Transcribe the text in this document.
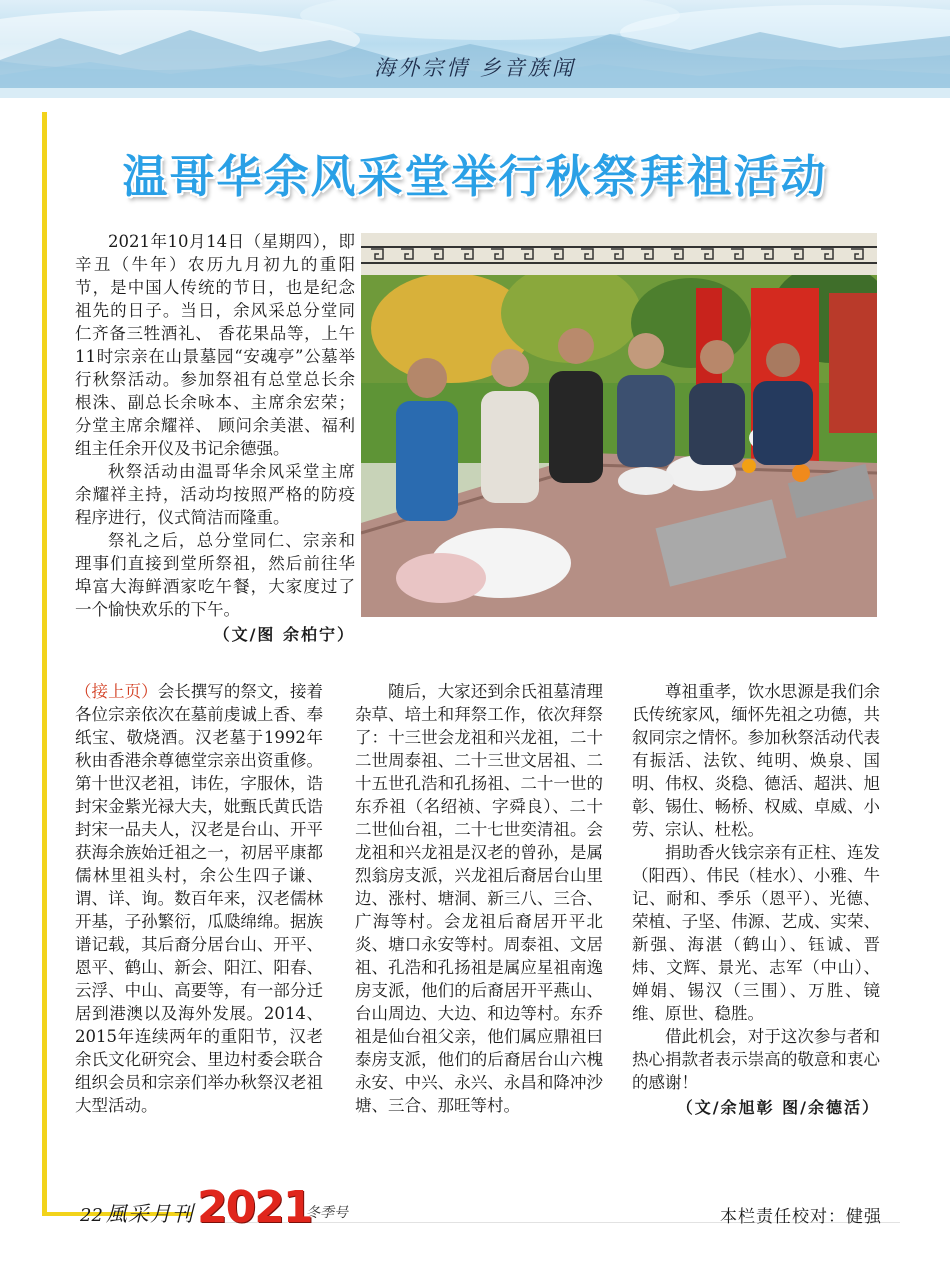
海外宗情 乡音族闻
温哥华余风采堂举行秋祭拜祖活动

2021年10月14日（星期四），即辛丑（牛年）农历九月初九的重阳节，是中国人传统的节日，也是纪念祖先的日子。当日，余风采总分堂同仁齐备三牲酒礼、 香花果品等，上午11时宗亲在山景墓园“安魂亭”公墓举行秋祭活动。参加祭祖有总堂总长余根洙、副总长余咏本、主席余宏荣；分堂主席余耀祥、 顾问余美湛、福利组主任余开仪及书记余德强。

秋祭活动由温哥华余风采堂主席余耀祥主持，活动均按照严格的防疫程序进行，仪式简洁而隆重。

祭礼之后，总分堂同仁、宗亲和理事们直接到堂所祭祖，然后前往华埠富大海鲜酒家吃午餐，大家度过了一个愉快欢乐的下午。

（文/图 余柏宁）
（接上页）会长撰写的祭文，接着各位宗亲依次在墓前虔诚上香、奉纸宝、敬烧酒。汉老墓于1992年秋由香港余尊德堂宗亲出资重修。第十世汉老祖，讳佐，字服休，诰封宋金紫光禄大夫，妣甄氏黄氏诰封宋一品夫人，汉老是台山、开平获海余族始迁祖之一，初居平康都儒林里祖头村，余公生四子谦、谓、详、询。数百年来，汉老儒林开基，子孙繁衍，瓜瓞绵绵。据族谱记载，其后裔分居台山、开平、恩平、鹤山、新会、阳江、阳春、云浮、中山、高要等，有一部分迁居到港澳以及海外发展。2014、2015年连续两年的重阳节，汉老余氏文化研究会、里边村委会联合组织会员和宗亲们举办秋祭汉老祖大型活动。

随后，大家还到余氏祖墓清理杂草、培土和拜祭工作，依次拜祭了：十三世会龙祖和兴龙祖，二十二世周泰祖、二十三世文居祖、二十五世孔浩和孔扬祖、二十一世的东乔祖（名绍祯、字舜良）、二十二世仙台祖，二十七世奕清祖。会龙祖和兴龙祖是汉老的曾孙，是属烈翁房支派，兴龙祖后裔居台山里边、涨村、塘洞、新三八、三合、广海等村。会龙祖后裔居开平北炎、塘口永安等村。周泰祖、文居祖、孔浩和孔扬祖是属应星祖南逸房支派，他们的后裔居开平燕山、台山周边、大边、和边等村。东乔祖是仙台祖父亲，他们属应鼎祖曰泰房支派，他们的后裔居台山六槐永安、中兴、永兴、永昌和降冲沙塘、三合、那旺等村。

尊祖重孝，饮水思源是我们余氏传统家风，缅怀先祖之功德，共叙同宗之情怀。参加秋祭活动代表有振活、法钦、纯明、焕泉、国明、伟权、炎稳、德活、超洪、旭彰、锡仕、畅桥、权威、卓威、小劳、宗认、杜松。

捐助香火钱宗亲有正柱、连发（阳西）、伟民（桂水）、小雅、牛记、耐和、季乐（恩平）、光德、荣植、子坚、伟源、艺成、实荣、新强、海湛（鹤山）、钰诚、晋炜、文辉、景光、志军（中山）、婵娟、锡汉（三围）、万胜、镜维、原世、稳胜。

借此机会，对于这次参与者和热心捐款者表示崇高的敬意和衷心的感谢！

（文/余旭彰 图/余德活）
22 風采月刊 2021
冬季号	本栏责任校对：健强
